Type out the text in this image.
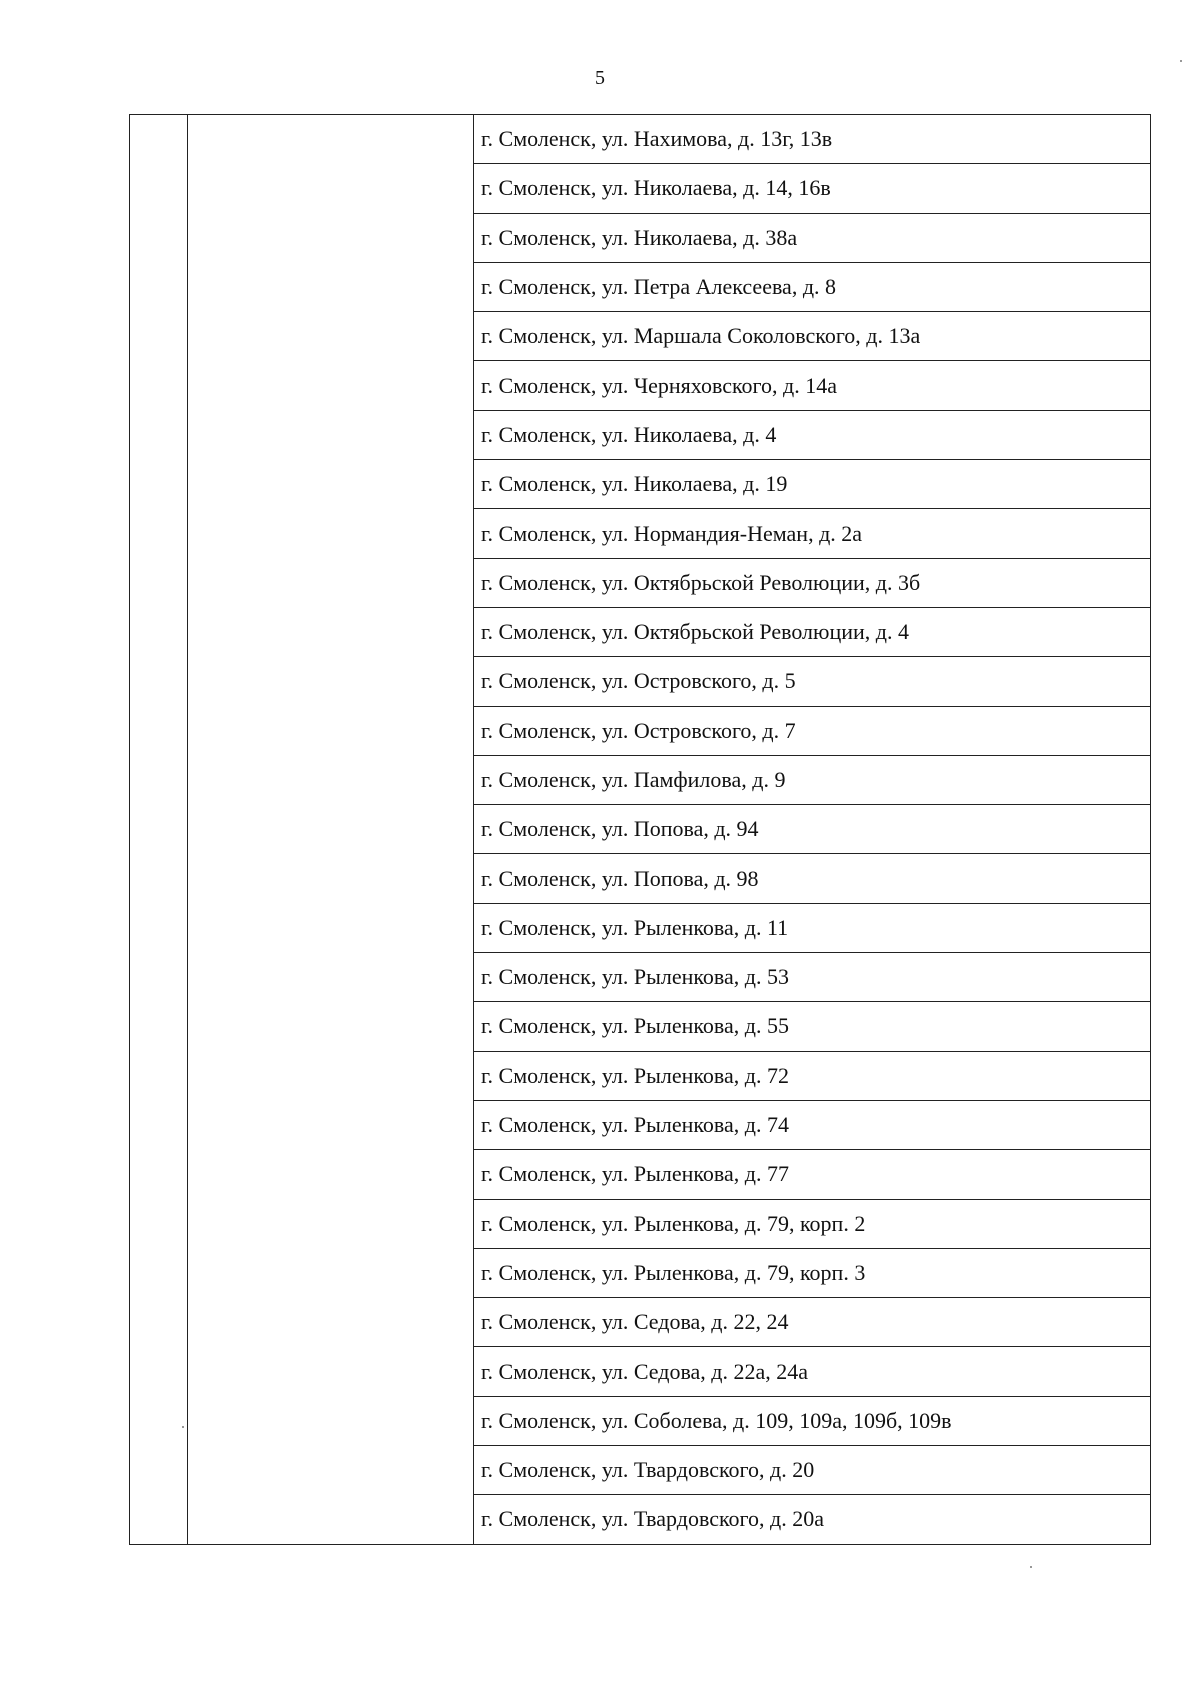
5
		г. Смоленск, ул. Нахимова, д. 13г, 13в
г. Смоленск, ул. Николаева, д. 14, 16в
г. Смоленск, ул. Николаева, д. 38а
г. Смоленск, ул. Петра Алексеева, д. 8
г. Смоленск, ул. Маршала Соколовского, д. 13а
г. Смоленск, ул. Черняховского, д. 14а
г. Смоленск, ул. Николаева, д. 4
г. Смоленск, ул. Николаева, д. 19
г. Смоленск, ул. Нормандия-Неман, д. 2а
г. Смоленск, ул. Октябрьской Революции, д. 3б
г. Смоленск, ул. Октябрьской Революции, д. 4
г. Смоленск, ул. Островского, д. 5
г. Смоленск, ул. Островского, д. 7
г. Смоленск, ул. Памфилова, д. 9
г. Смоленск, ул. Попова, д. 94
г. Смоленск, ул. Попова, д. 98
г. Смоленск, ул. Рыленкова, д. 11
г. Смоленск, ул. Рыленкова, д. 53
г. Смоленск, ул. Рыленкова, д. 55
г. Смоленск, ул. Рыленкова, д. 72
г. Смоленск, ул. Рыленкова, д. 74
г. Смоленск, ул. Рыленкова, д. 77
г. Смоленск, ул. Рыленкова, д. 79, корп. 2
г. Смоленск, ул. Рыленкова, д. 79, корп. 3
г. Смоленск, ул. Седова, д. 22, 24
г. Смоленск, ул. Седова, д. 22а, 24а
г. Смоленск, ул. Соболева, д. 109, 109а, 109б, 109в
г. Смоленск, ул. Твардовского, д. 20
г. Смоленск, ул. Твардовского, д. 20а
